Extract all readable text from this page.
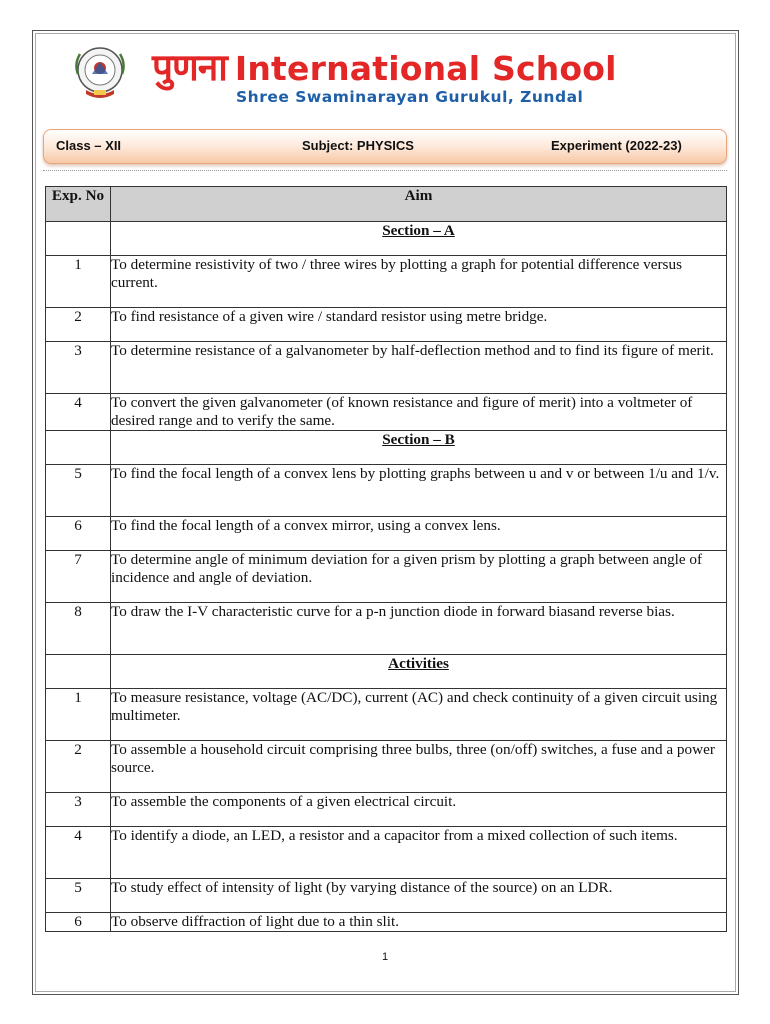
पुणना International School
Shree Swaminarayan Gurukul, Zundal
Class – XII	Subject: PHYSICS	Experiment (2022-23)
Exp. No	Aim
	Section – A
1	To determine resistivity of two / three wires by plotting a graph for potential difference versus current.
2	To find resistance of a given wire / standard resistor using metre bridge.
3	To determine resistance of a galvanometer by half-deflection method and to find its figure of merit.
4	To convert the given galvanometer (of known resistance and figure of merit) into a voltmeter of desired range and to verify the same.
	Section – B
5	To find the focal length of a convex lens by plotting graphs between u and v or between 1/u and 1/v.
6	To find the focal length of a convex mirror, using a convex lens.
7	To determine angle of minimum deviation for a given prism by plotting a graph between angle of incidence and angle of deviation.
8	To draw the I-V characteristic curve for a p-n junction diode in forward biasand reverse bias.
	Activities
1	To measure resistance, voltage (AC/DC), current (AC) and check continuity of a given circuit using multimeter.
2	To assemble a household circuit comprising three bulbs, three (on/off) switches, a fuse and a power source.
3	To assemble the components of a given electrical circuit.
4	To identify a diode, an LED, a resistor and a capacitor from a mixed collection of such items.
5	To study effect of intensity of light (by varying distance of the source) on an LDR.
6	To observe diffraction of light due to a thin slit.
1
